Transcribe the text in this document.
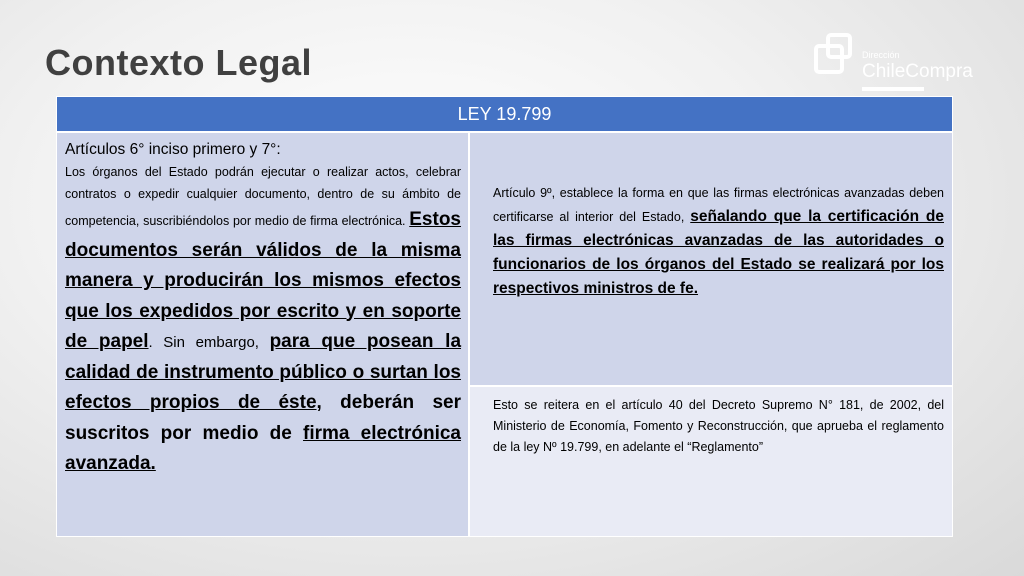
Contexto Legal	Dirección
ChileCompra
LEY 19.799
Artículos 6° inciso primero y 7°:
Los órganos del Estado podrán ejecutar o realizar actos, celebrar contratos o expedir cualquier documento, dentro de su ámbito de competencia, suscribiéndolos por medio de firma electrónica. Estos documentos serán válidos de la misma manera y producirán los mismos efectos que los expedidos por escrito y en soporte de papel. Sin embargo, para que posean la calidad de instrumento público o surtan los efectos propios de éste, deberán ser suscritos por medio de firma electrónica avanzada.
Artículo 9º, establece la forma en que las firmas electrónicas avanzadas deben certificarse al interior del Estado, señalando que la certificación de las firmas electrónicas avanzadas de las autoridades o funcionarios de los órganos del Estado se realizará por los respectivos ministros de fe.
Esto se reitera en el artículo 40 del Decreto Supremo N° 181, de 2002, del Ministerio de Economía, Fomento y Reconstrucción, que aprueba el reglamento de la ley Nº 19.799, en adelante el “Reglamento”
